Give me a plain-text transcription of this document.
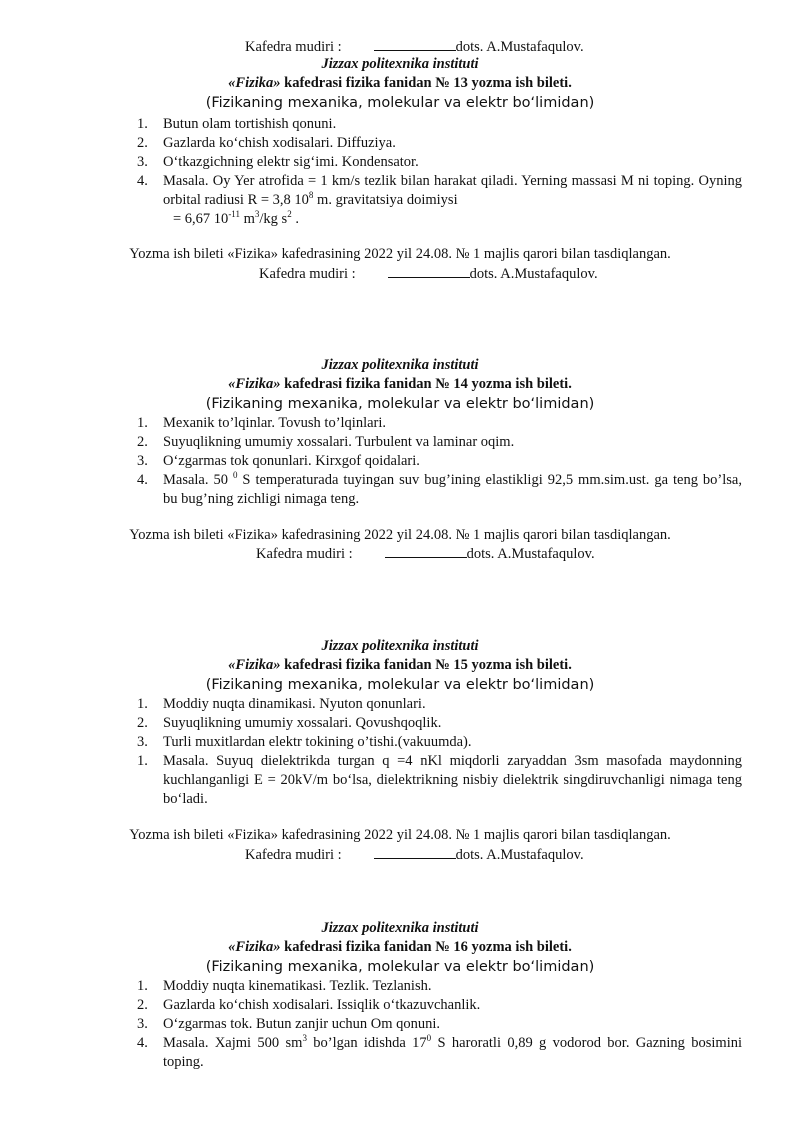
Kafedra mudiri :	dots. A.Mustafaqulov.
Jizzax politexnika instituti
«Fizika» kafedrasi fizika fanidan № 13 yozma ish bileti.
(Fizikaning mexanika, molekular va elektr bo‘limidan)
1. Butun olam tortishish qonuni.
2. Gazlarda ko‘chish xodisalari. Diffuziya.
3. O‘tkazgichning elektr sig‘imi. Kondensator.
4. Masala. Oy Yer atrofida = 1 km/s tezlik bilan harakat qiladi. Yerning massasi M ni toping. Oyning orbital radiusi R = 3,8 $10^8$ m. gravitatsiya doimiysi
= 6,67 $10^{-11}$ $m^3/kg$ $s^2$ .
Yozma ish bileti «Fizika» kafedrasining 2022 yil 24.08. № 1 majlis qarori bilan tasdiqlangan.
Kafedra mudiri :	dots. A.Mustafaqulov.
Jizzax politexnika instituti
«Fizika» kafedrasi fizika fanidan № 14 yozma ish bileti.
(Fizikaning mexanika, molekular va elektr bo‘limidan)
1. Mexanik to’lqinlar. Tovush to’lqinlari.
2. Suyuqlikning umumiy xossalari. Turbulent va laminar oqim.
3. O‘zgarmas tok qonunlari. Kirxgof qoidalari.
4. Masala. 50 $^0$ S temperaturada tuyingan suv bug’ining elastikligi 92,5 mm.sim.ust. ga teng bo’lsa, bu bug’ning zichligi nimaga teng.
Yozma ish bileti «Fizika» kafedrasining 2022 yil 24.08. № 1 majlis qarori bilan tasdiqlangan.
Kafedra mudiri :	dots. A.Mustafaqulov.
Jizzax politexnika instituti
«Fizika» kafedrasi fizika fanidan № 15 yozma ish bileti.
(Fizikaning mexanika, molekular va elektr bo‘limidan)
1. Moddiy nuqta dinamikasi. Nyuton qonunlari.
2. Suyuqlikning umumiy xossalari. Qovushqoqlik.
3. Turli muxitlardan elektr tokining o’tishi.(vakuumda).
1. Masala. Suyuq dielektrikda turgan q =4 nKl miqdorli zaryaddan 3sm masofada maydonning kuchlanganligi E = 20kV/m bo‘lsa, dielektrikning nisbiy dielektrik singdiruvchanligi nimaga teng bo‘ladi.
Yozma ish bileti «Fizika» kafedrasining 2022 yil 24.08. № 1 majlis qarori bilan tasdiqlangan.
Kafedra mudiri :	dots. A.Mustafaqulov.
Jizzax politexnika instituti
«Fizika» kafedrasi fizika fanidan № 16 yozma ish bileti.
(Fizikaning mexanika, molekular va elektr bo‘limidan)
1. Moddiy nuqta kinematikasi. Tezlik. Tezlanish.
2. Gazlarda ko‘chish xodisalari. Issiqlik o‘tkazuvchanlik.
3. O‘zgarmas tok. Butun zanjir uchun Om qonuni.
4. Masala. Xajmi 500 $sm^3$ bo’lgan idishda $17^0$ S haroratli 0,89 g vodorod bor. Gazning bosimini toping.
